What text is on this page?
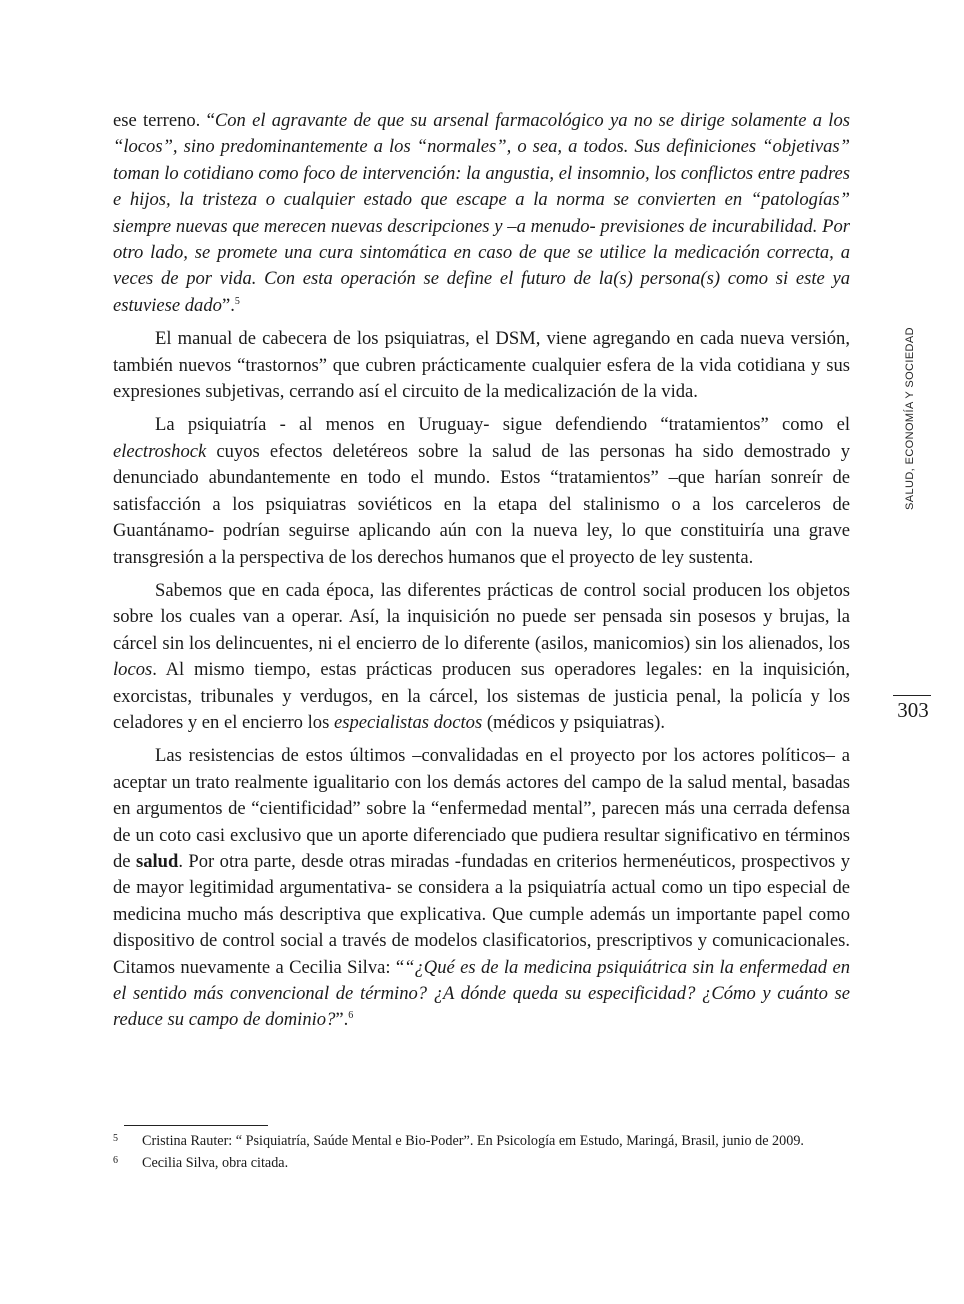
ese terreno. “Con el agravante de que su arsenal farmacológico ya no se dirige solamente a los “locos”, sino predominantemente a los “normales”, o sea, a todos. Sus definiciones “objetivas” toman lo cotidiano como foco de intervención: la angustia, el insomnio, los conflictos entre padres e hijos, la tristeza o cualquier estado que escape a la norma se convierten en “patologías” siempre nuevas que merecen nuevas descripciones y –a menudo- previsiones de incurabilidad. Por otro lado, se promete una cura sintomática en caso de que se utilice la medicación correcta, a veces de por vida. Con esta operación se define el futuro de la(s) persona(s) como si este ya estuviese dado”.$^5$

El manual de cabecera de los psiquiatras, el DSM, viene agregando en cada nueva versión, también nuevos “trastornos” que cubren prácticamente cualquier esfera de la vida cotidiana y sus expresiones subjetivas, cerrando así el circuito de la medicalización de la vida.

La psiquiatría - al menos en Uruguay- sigue defendiendo “tratamientos” como el electroshock cuyos efectos deletéreos sobre la salud de las personas ha sido demostrado y denunciado abundantemente en todo el mundo. Estos “tratamientos” –que harían sonreír de satisfacción a los psiquiatras soviéticos en la etapa del stalinismo o a los carceleros de Guantánamo- podrían seguirse aplicando aún con la nueva ley, lo que constituiría una grave transgresión a la perspectiva de los derechos humanos que el proyecto de ley sustenta.

Sabemos que en cada época, las diferentes prácticas de control social producen los objetos sobre los cuales van a operar. Así, la inquisición no puede ser pensada sin posesos y brujas, la cárcel sin los delincuentes, ni el encierro de lo diferente (asilos, manicomios) sin los alienados, los locos. Al mismo tiempo, estas prácticas producen sus operadores legales: en la inquisición, exorcistas, tribunales y verdugos, en la cárcel, los sistemas de justicia penal, la policía y los celadores y en el encierro los especialistas doctos (médicos y psiquiatras).

Las resistencias de estos últimos –convalidadas en el proyecto por los actores políticos– a aceptar un trato realmente igualitario con los demás actores del campo de la salud mental, basadas en argumentos de “cientificidad” sobre la “enfermedad mental”, parecen más una cerrada defensa de un coto casi exclusivo que un aporte diferenciado que pudiera resultar significativo en términos de salud. Por otra parte, desde otras miradas -fundadas en criterios hermenéuticos, prospectivos y de mayor legitimidad argumentativa- se considera a la psiquiatría actual como un tipo especial de medicina mucho más descriptiva que explicativa. Que cumple además un importante papel como dispositivo de control social a través de modelos clasificatorios, prescriptivos y comunicacionales. Citamos nuevamente a Cecilia Silva: ““¿Qué es de la medicina psiquiátrica sin la enfermedad en el sentido más convencional de término? ¿A dónde queda su especificidad? ¿Cómo y cuánto se reduce su campo de dominio?”.$^6$

SALUD, ECONOMÍA Y SOCIEDAD
303

5 Cristina Rauter: “ Psiquiatría, Saúde Mental e Bio-Poder”. En Psicología em Estudo, Maringá, Brasil, junio de 2009.

6 Cecilia Silva, obra citada.
